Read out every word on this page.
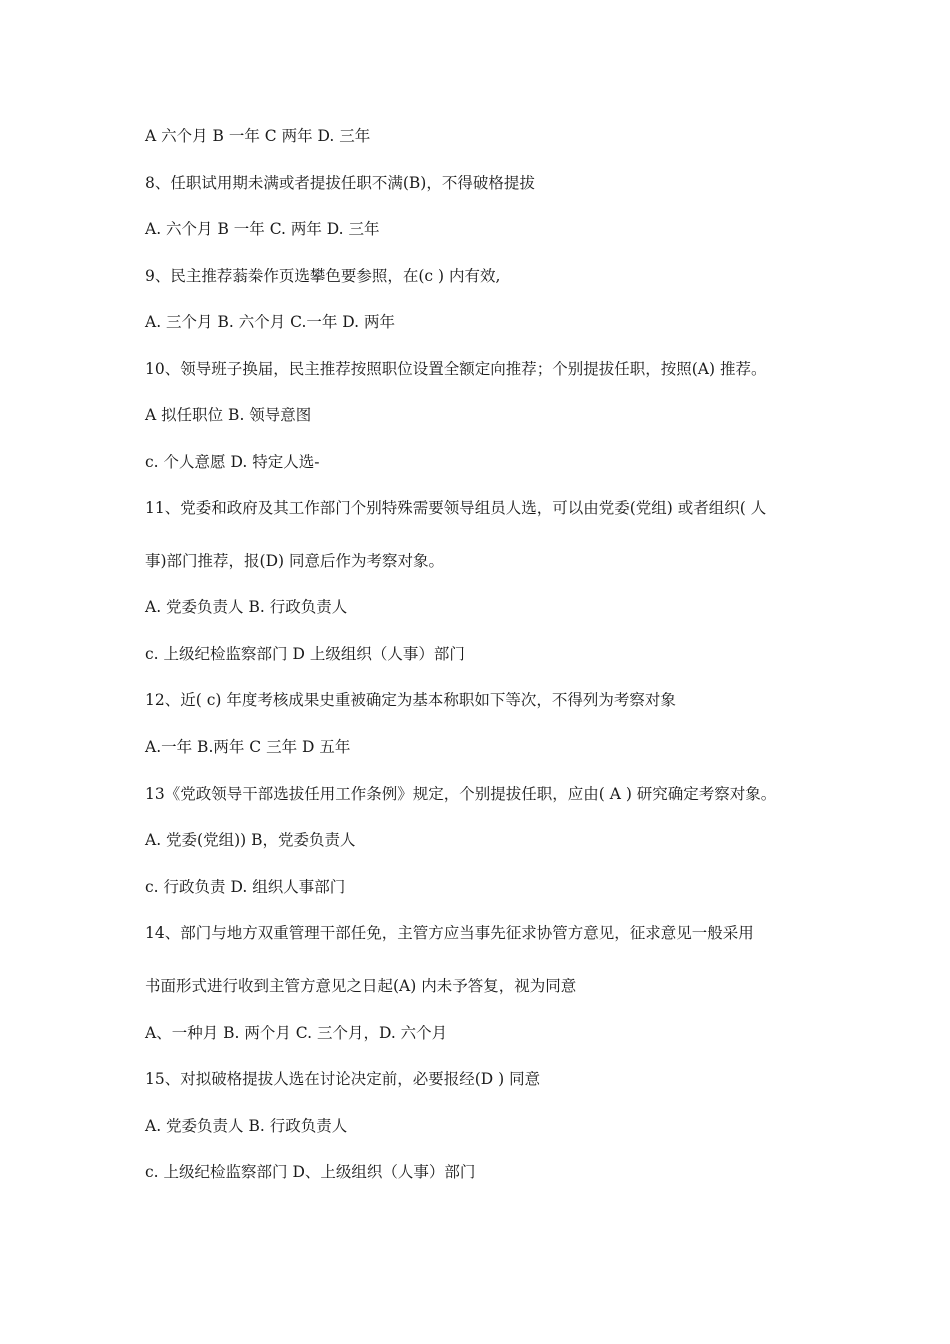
A 六个月 B 一年 C 两年 D. 三年
8、任职试用期未满或者提拔任职不满(B)，不得破格提拔
A. 六个月 B 一年 C. 两年 D. 三年
9、民主推荐蓊桊作页选攀色要参照，在(c ) 内有效,
A. 三个月 B. 六个月 C.一年 D. 两年
10、领导班子换届，民主推荐按照职位设置全额定向推荐；个别提拔任职，按照(A) 推荐。
A 拟任职位 B. 领导意图
c. 个人意愿 D. 特定人选-
11、党委和政府及其工作部门个别特殊需要领导组员人选，可以由党委(党组) 或者组织( 人
事)部门推荐，报(D) 同意后作为考察对象。
A. 党委负责人 B. 行政负责人
c. 上级纪检监察部门 D 上级组织（人事）部门
12、近( c) 年度考核成果史重被确定为基本称职如下等次，不得列为考察对象
A.一年 B.两年 C 三年 D 五年
13《党政领导干部选拔任用工作条例》规定，个别提拔任职，应由( A ) 研究确定考察对象。
A. 党委(党组)) B，党委负责人
c. 行政负责 D. 组织人事部门
14、部门与地方双重管理干部任免，主管方应当事先征求协管方意见，征求意见一般采用
书面形式进行收到主管方意见之日起(A) 内未予答复，视为同意
A、一种月 B. 两个月 C. 三个月，D. 六个月
15、对拟破格提拔人选在讨论决定前，必要报经(D ) 同意
A. 党委负责人 B. 行政负责人
c. 上级纪检监察部门 D、上级组织（人事）部门
